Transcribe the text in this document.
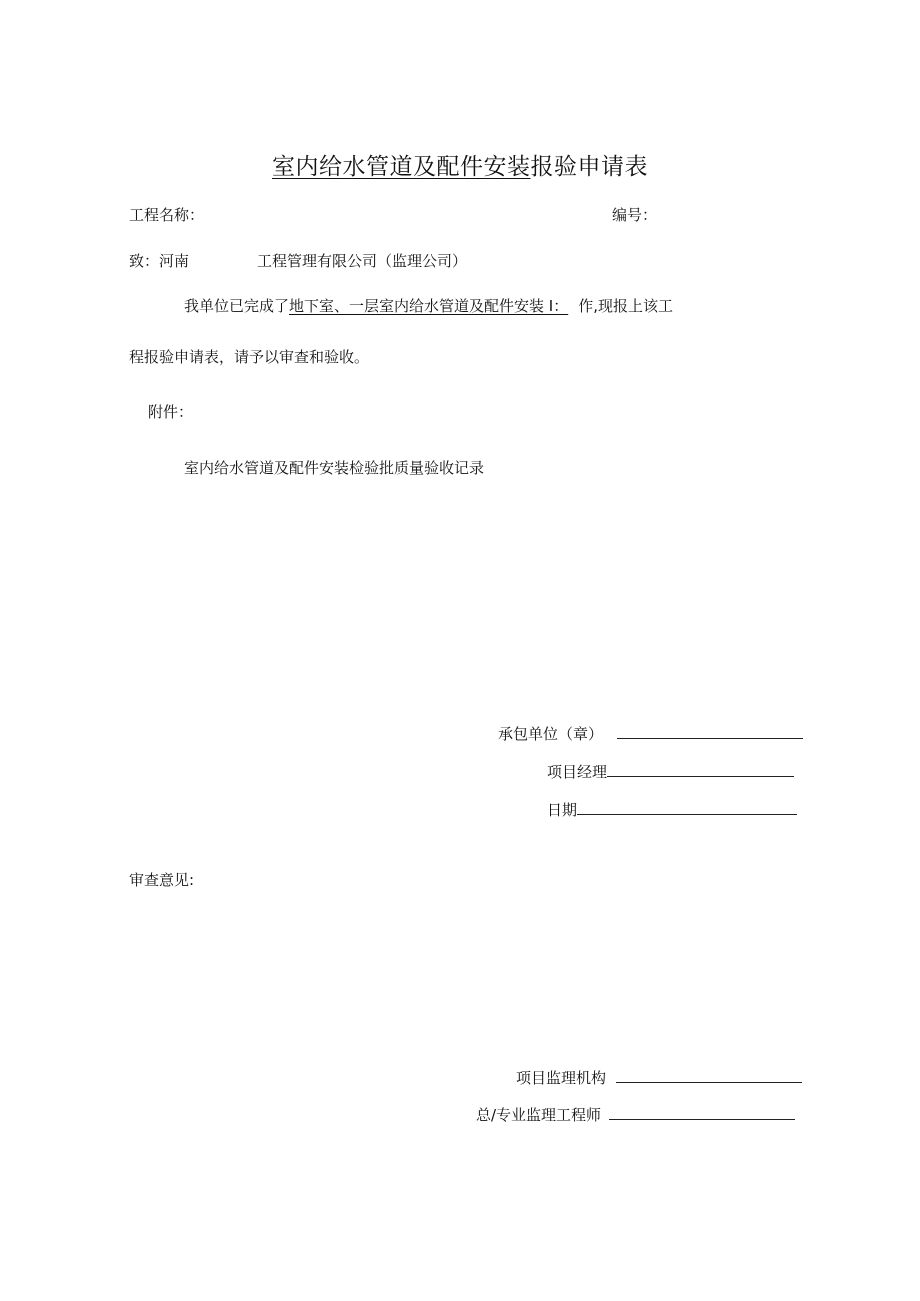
室内给水管道及配件安装报验申请表
工程名称：	编号：
致：河南	工程管理有限公司（监理公司）
我单位已完成了地下室、一层室内给水管道及配件安装 I： 作,现报上该工
程报验申请表，请予以审查和验收。
附件：
室内给水管道及配件安装检验批质量验收记录
承包单位（章）
项目经理
日期
审查意见:
项目监理机构
总/专业监理工程师
